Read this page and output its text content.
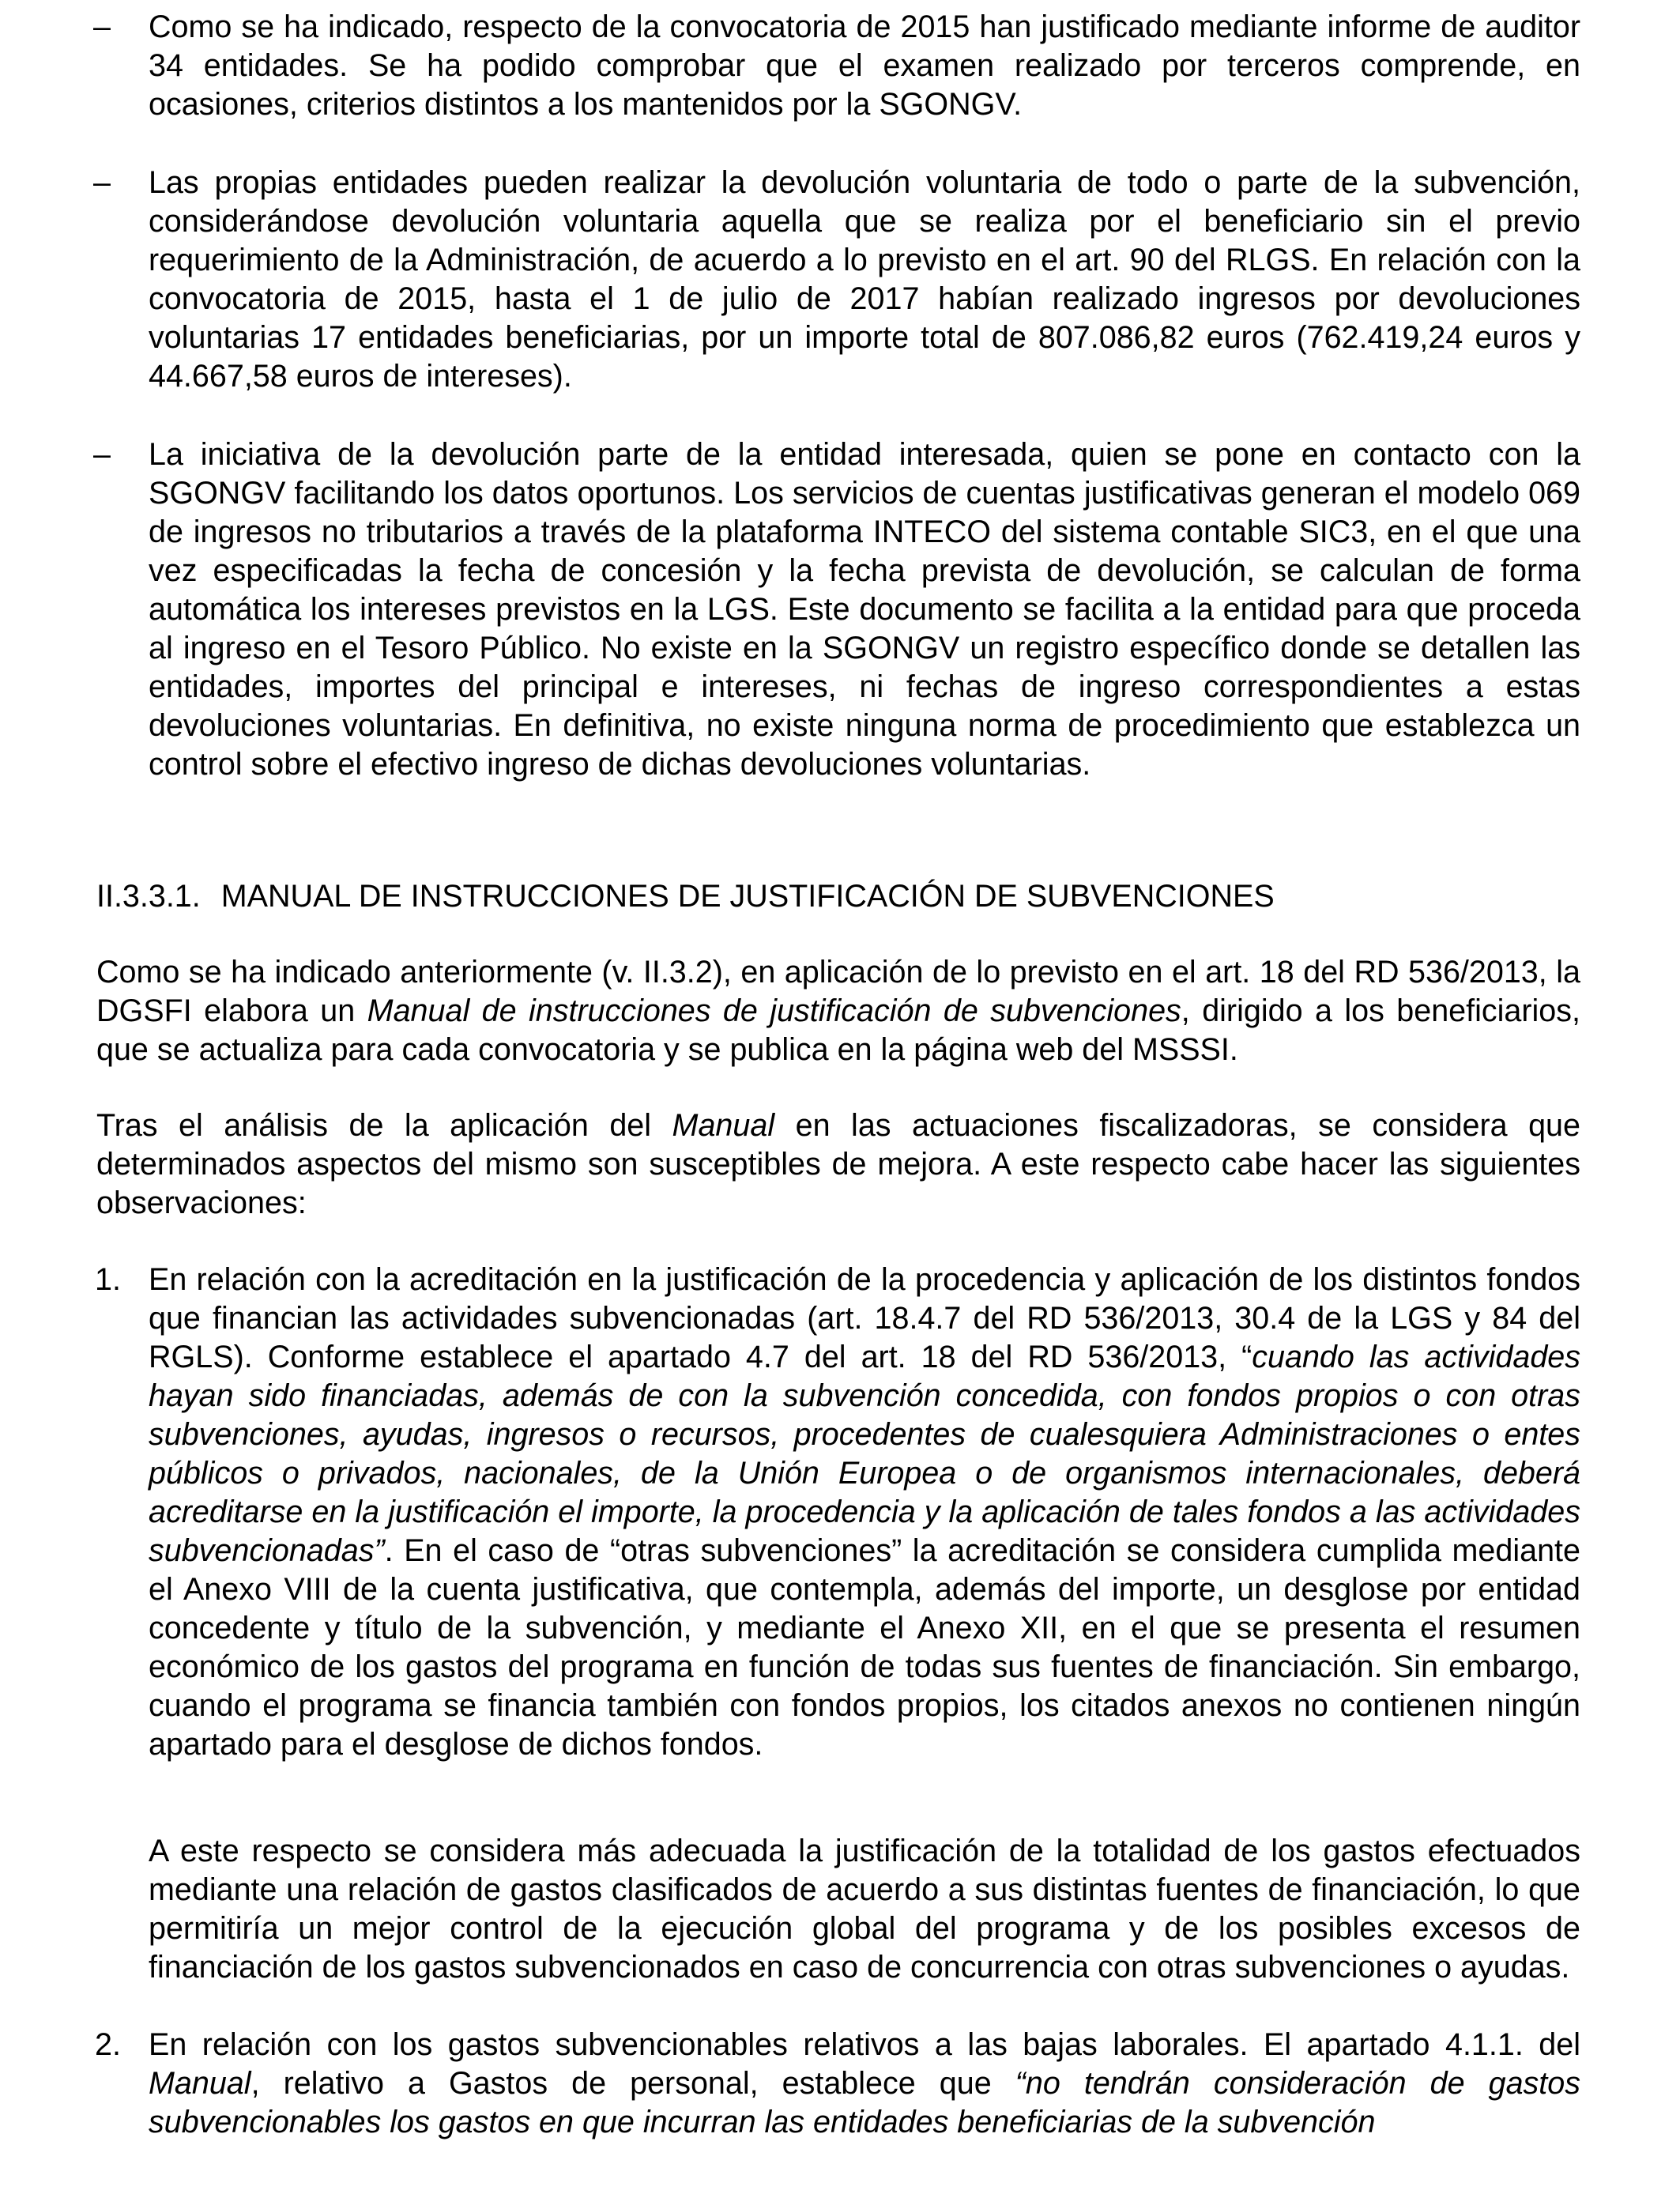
–	Como se ha indicado, respecto de la convocatoria de 2015 han justificado mediante informe de auditor 34 entidades. Se ha podido comprobar que el examen realizado por terceros comprende, en ocasiones, criterios distintos a los mantenidos por la SGONGV.

–	Las propias entidades pueden realizar la devolución voluntaria de todo o parte de la subvención, considerándose devolución voluntaria aquella que se realiza por el beneficiario sin el previo requerimiento de la Administración, de acuerdo a lo previsto en el art. 90 del RLGS. En relación con la convocatoria de 2015, hasta el 1 de julio de 2017 habían realizado ingresos por devoluciones voluntarias 17 entidades beneficiarias, por un importe total de 807.086,82 euros (762.419,24 euros y 44.667,58 euros de intereses).

–	La iniciativa de la devolución parte de la entidad interesada, quien se pone en contacto con la SGONGV facilitando los datos oportunos. Los servicios de cuentas justificativas generan el modelo 069 de ingresos no tributarios a través de la plataforma INTECO del sistema contable SIC3, en el que una vez especificadas la fecha de concesión y la fecha prevista de devolución, se calculan de forma automática los intereses previstos en la LGS. Este documento se facilita a la entidad para que proceda al ingreso en el Tesoro Público. No existe en la SGONGV un registro específico donde se detallen las entidades, importes del principal e intereses, ni fechas de ingreso correspondientes a estas devoluciones voluntarias. En definitiva, no existe ninguna norma de procedimiento que establezca un control sobre el efectivo ingreso de dichas devoluciones voluntarias.

II.3.3.1. MANUAL DE INSTRUCCIONES DE JUSTIFICACIÓN DE SUBVENCIONES

Como se ha indicado anteriormente (v. II.3.2), en aplicación de lo previsto en el art. 18 del RD 536/2013, la DGSFI elabora un Manual de instrucciones de justificación de subvenciones, dirigido a los beneficiarios, que se actualiza para cada convocatoria y se publica en la página web del MSSSI.

Tras el análisis de la aplicación del Manual en las actuaciones fiscalizadoras, se considera que determinados aspectos del mismo son susceptibles de mejora. A este respecto cabe hacer las siguientes observaciones:

1. En relación con la acreditación en la justificación de la procedencia y aplicación de los distintos fondos que financian las actividades subvencionadas (art. 18.4.7 del RD 536/2013, 30.4 de la LGS y 84 del RGLS). Conforme establece el apartado 4.7 del art. 18 del RD 536/2013, “cuando las actividades hayan sido financiadas, además de con la subvención concedida, con fondos propios o con otras subvenciones, ayudas, ingresos o recursos, procedentes de cualesquiera Administraciones o entes públicos o privados, nacionales, de la Unión Europea o de organismos internacionales, deberá acreditarse en la justificación el importe, la procedencia y la aplicación de tales fondos a las actividades subvencionadas”. En el caso de “otras subvenciones” la acreditación se considera cumplida mediante el Anexo VIII de la cuenta justificativa, que contempla, además del importe, un desglose por entidad concedente y título de la subvención, y mediante el Anexo XII, en el que se presenta el resumen económico de los gastos del programa en función de todas sus fuentes de financiación. Sin embargo, cuando el programa se financia también con fondos propios, los citados anexos no contienen ningún apartado para el desglose de dichos fondos.

A este respecto se considera más adecuada la justificación de la totalidad de los gastos efectuados mediante una relación de gastos clasificados de acuerdo a sus distintas fuentes de financiación, lo que permitiría un mejor control de la ejecución global del programa y de los posibles excesos de financiación de los gastos subvencionados en caso de concurrencia con otras subvenciones o ayudas.

2. En relación con los gastos subvencionables relativos a las bajas laborales. El apartado 4.1.1. del Manual, relativo a Gastos de personal, establece que “no tendrán consideración de gastos subvencionables los gastos en que incurran las entidades beneficiarias de la subvención
